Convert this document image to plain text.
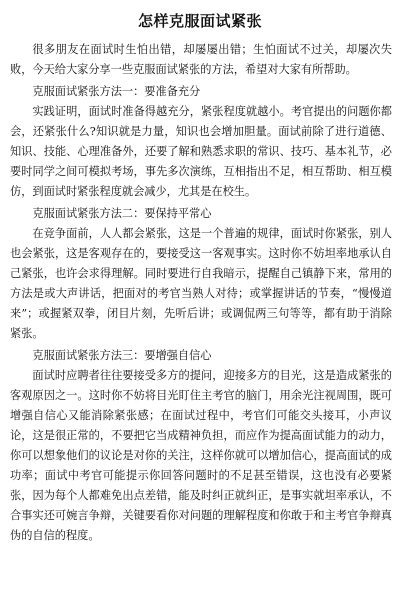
怎样克服面试紧张

很多朋友在面试时生怕出错，却屡屡出错；生怕面试不过关，却屡次失败，今天给大家分享一些克服面试紧张的方法，希望对大家有所帮助。

克服面试紧张方法一：要准备充分

实践证明，面试时准备得越充分，紧张程度就越小。考官提出的问题你都会，还紧张什么?知识就是力量，知识也会增加胆量。面试前除了进行道德、知识、技能、心理准备外，还要了解和熟悉求职的常识、技巧、基本礼节，必要时同学之间可模拟考场，事先多次演练，互相指出不足，相互帮助、相互模仿，到面试时紧张程度就会减少，尤其是在校生。

克服面试紧张方法二：要保持平常心

在竞争面前，人人都会紧张，这是一个普遍的规律，面试时你紧张，别人也会紧张，这是客观存在的，要接受这一客观事实。这时你不妨坦率地承认自己紧张，也许会求得理解。同时要进行自我暗示，提醒自己镇静下来，常用的方法是或大声讲话，把面对的考官当熟人对待；或掌握讲话的节奏，“慢慢道来”；或握紧双拳，闭目片刻，先听后讲；或调侃两三句等等，都有助于消除紧张。

克服面试紧张方法三：要增强自信心

面试时应聘者往往要接受多方的提问，迎接多方的目光，这是造成紧张的客观原因之一。这时你不妨将目光盯住主考官的脑门，用余光注视周围，既可增强自信心又能消除紧张感；在面试过程中，考官们可能交头接耳，小声议论，这是很正常的，不要把它当成精神负担，而应作为提高面试能力的动力，你可以想象他们的议论是对你的关注，这样你就可以增加信心，提高面试的成功率；面试中考官可能提示你回答问题时的不足甚至错误，这也没有必要紧张，因为每个人都难免出点差错，能及时纠正就纠正，是事实就坦率承认，不合事实还可婉言争辩，关键要看你对问题的理解程度和你敢于和主考官争辩真伪的自信的程度。
